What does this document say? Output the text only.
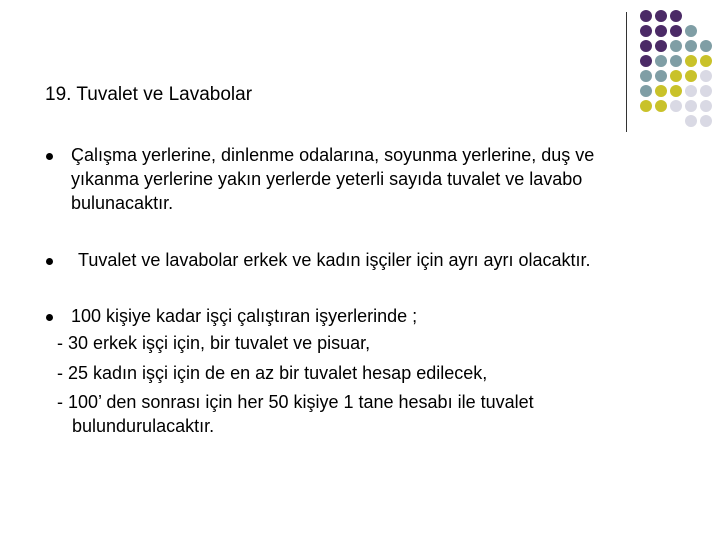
19. Tuvalet ve Lavabolar
Çalışma yerlerine, dinlenme odalarına, soyunma yerlerine, duş ve
yıkanma yerlerine yakın yerlerde yeterli sayıda tuvalet ve lavabo
bulunacaktır.
Tuvalet ve lavabolar erkek ve kadın işçiler için ayrı ayrı olacaktır.
100 kişiye kadar işçi çalıştıran işyerlerinde ;
- 30 erkek işçi için, bir tuvalet ve pisuar,
- 25 kadın işçi için de en az bir tuvalet hesap edilecek,
- 100’ den sonrası için her 50 kişiye 1 tane hesabı ile tuvalet
bulundurulacaktır.
